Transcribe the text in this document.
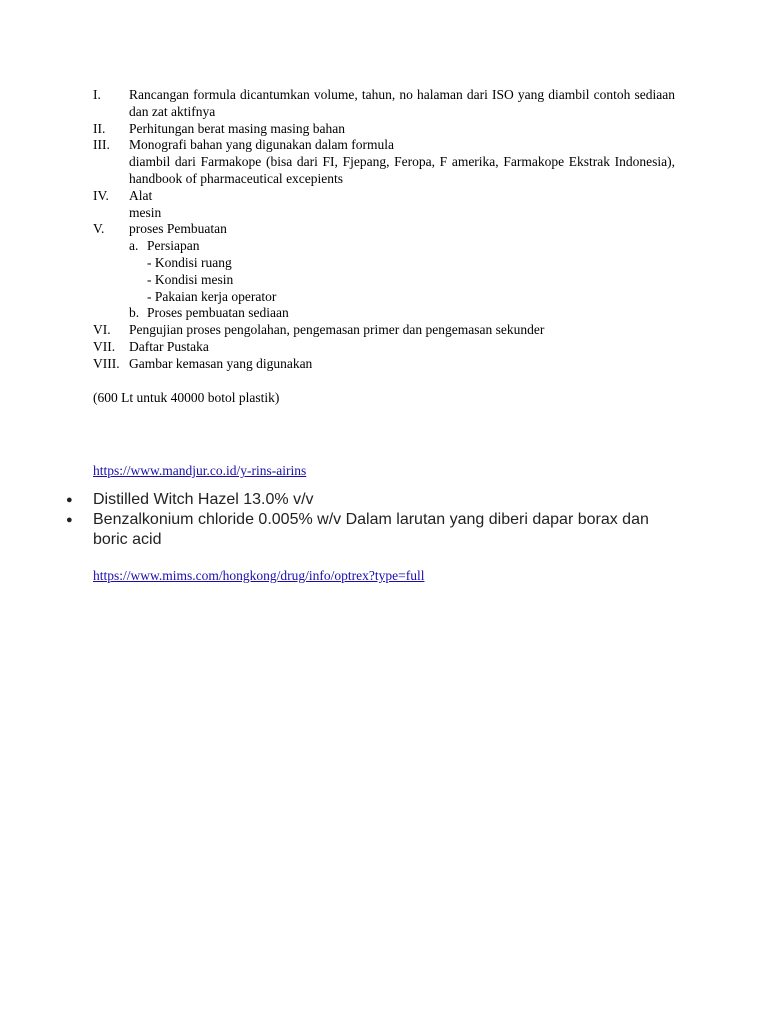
I.	Rancangan formula dicantumkan volume, tahun, no halaman dari ISO yang diambil contoh sediaan dan zat aktifnya
II.	Perhitungan berat masing masing bahan
III.	Monografi bahan yang digunakan dalam formula
diambil dari Farmakope (bisa dari FI, Fjepang, Feropa, F amerika, Farmakope Ekstrak Indonesia), handbook of pharmaceutical excepients
IV.	Alat
mesin
V.	proses Pembuatan
a. Persiapan
- Kondisi ruang
- Kondisi mesin
- Pakaian kerja operator
b. Proses pembuatan sediaan
VI.	Pengujian proses pengolahan, pengemasan primer dan pengemasan sekunder
VII.	Daftar Pustaka
VIII. Gambar kemasan yang digunakan
(600 Lt untuk 40000 botol plastik)
https://www.mandjur.co.id/y-rins-airins
●	Distilled Witch Hazel 13.0% v/v
●	Benzalkonium chloride 0.005% w/v Dalam larutan yang diberi dapar borax dan boric acid
https://www.mims.com/hongkong/drug/info/optrex?type=full
